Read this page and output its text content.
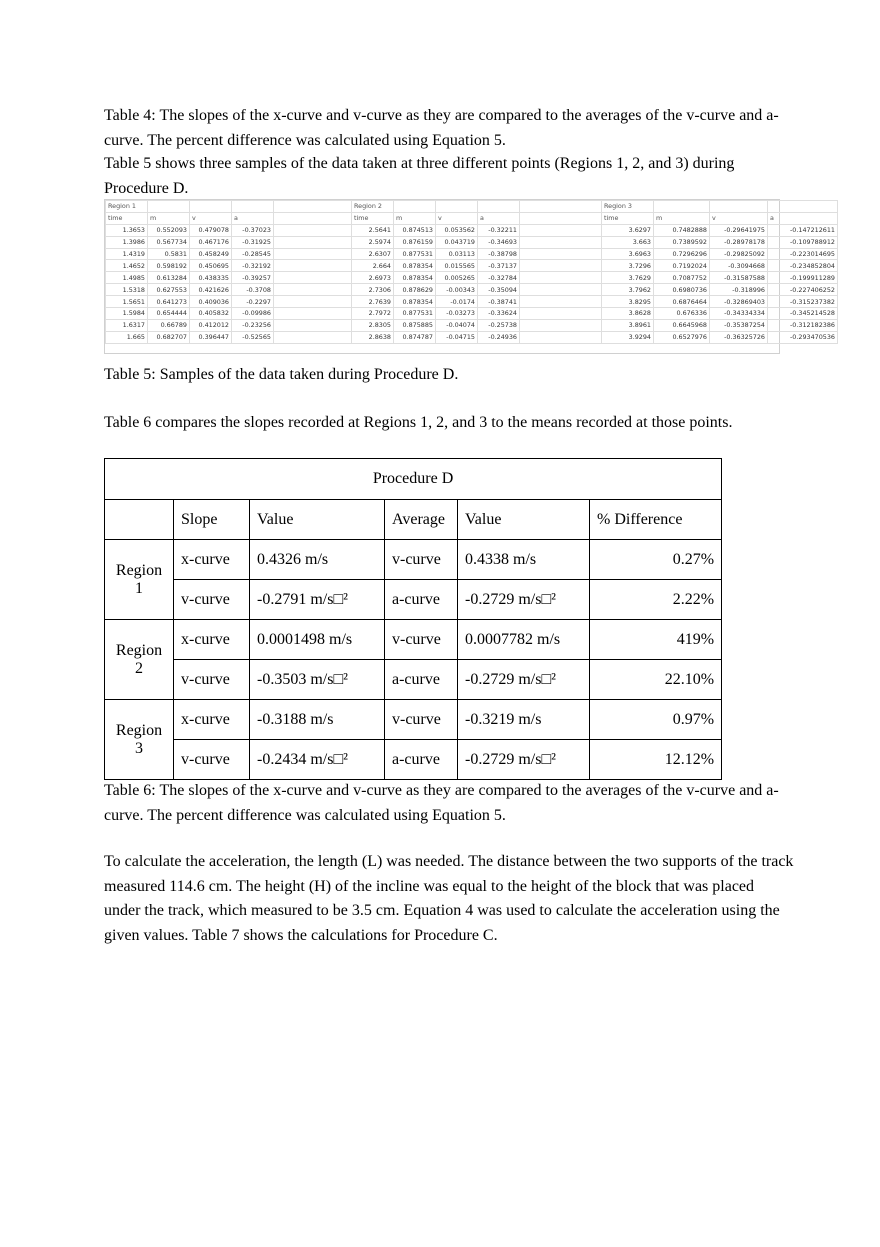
Table 4: The slopes of the x-curve and v-curve as they are compared to the averages of the v-curve and a-curve. The percent difference was calculated using Equation 5.

Table 5 shows three samples of the data taken at three different points (Regions 1, 2, and 3) during Procedure D.

Region 1					Region 2					Region 3			
time	m	v	a		time	m	v	a		time	m	v	a
1.3653	0.552093	0.479078	-0.37023		2.5641	0.874513	0.053562	-0.32211		3.6297	0.7482888	-0.29641975	-0.147212611
1.3986	0.567734	0.467176	-0.31925		2.5974	0.876159	0.043719	-0.34693		3.663	0.7389592	-0.28978178	-0.109788912
1.4319	0.5831	0.458249	-0.28545		2.6307	0.877531	0.03113	-0.38798		3.6963	0.7296296	-0.29825092	-0.223014695
1.4652	0.598192	0.450695	-0.32192		2.664	0.878354	0.015565	-0.37137		3.7296	0.7192024	-0.3094668	-0.234852804
1.4985	0.613284	0.438335	-0.39257		2.6973	0.878354	0.005265	-0.32784		3.7629	0.7087752	-0.31587588	-0.199911289
1.5318	0.627553	0.421626	-0.3708		2.7306	0.878629	-0.00343	-0.35094		3.7962	0.6980736	-0.318996	-0.227406252
1.5651	0.641273	0.409036	-0.2297		2.7639	0.878354	-0.0174	-0.38741		3.8295	0.6876464	-0.32869403	-0.315237382
1.5984	0.654444	0.405832	-0.09986		2.7972	0.877531	-0.03273	-0.33624		3.8628	0.676336	-0.34334334	-0.345214528
1.6317	0.66789	0.412012	-0.23256		2.8305	0.875885	-0.04074	-0.25738		3.8961	0.6645968	-0.35387254	-0.312182386
1.665	0.682707	0.396447	-0.52565		2.8638	0.874787	-0.04715	-0.24936		3.9294	0.6527976	-0.36325726	-0.293470536

Table 5: Samples of the data taken during Procedure D.

Table 6 compares the slopes recorded at Regions 1, 2, and 3 to the means recorded at those points.

Procedure D					
	Slope	Value	Average	Value	% Difference
Region 1	x-curve	0.4326 m/s	v-curve	0.4338 m/s	0.27%
	v-curve	-0.2791 m/s□²	a-curve	-0.2729 m/s□²	2.22%
Region 2	x-curve	0.0001498 m/s	v-curve	0.0007782 m/s	419%
	v-curve	-0.3503 m/s□²	a-curve	-0.2729 m/s□²	22.10%
Region 3	x-curve	-0.3188 m/s	v-curve	-0.3219 m/s	0.97%
	v-curve	-0.2434 m/s□²	a-curve	-0.2729 m/s□²	12.12%

Table 6: The slopes of the x-curve and v-curve as they are compared to the averages of the v-curve and a-curve. The percent difference was calculated using Equation 5.

To calculate the acceleration, the length (L) was needed. The distance between the two supports of the track measured 114.6 cm. The height (H) of the incline was equal to the height of the block that was placed under the track, which measured to be 3.5 cm. Equation 4 was used to calculate the acceleration using the given values. Table 7 shows the calculations for Procedure C.
